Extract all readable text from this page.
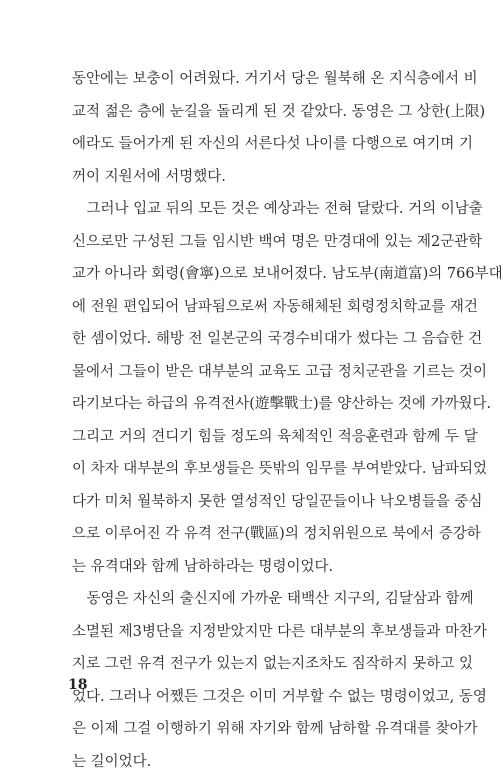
동안에는 보충이 어려웠다. 거기서 당은 월북해 온 지식층에서 비
교적 젊은 층에 눈길을 돌리게 된 것 같았다. 동영은 그 상한(上限)
에라도 들어가게 된 자신의 서른다섯 나이를 다행으로 여기며 기
꺼이 지원서에 서명했다.
　그러나 입교 뒤의 모든 것은 예상과는 전혀 달랐다. 거의 이남출
신으로만 구성된 그들 임시반 백여 명은 만경대에 있는 제2군관학
교가 아니라 회령(會寧)으로 보내어졌다. 남도부(南道富)의 766부대
에 전원 편입되어 남파됨으로써 자동해체된 회령정치학교를 재건
한 셈이었다. 해방 전 일본군의 국경수비대가 썼다는 그 음습한 건
물에서 그들이 받은 대부분의 교육도 고급 정치군관을 기르는 것이
라기보다는 하급의 유격전사(遊擊戰士)를 양산하는 것에 가까웠다.
그리고 거의 견디기 힘들 정도의 육체적인 적응훈련과 함께 두 달
이 차자 대부분의 후보생들은 뜻밖의 임무를 부여받았다. 남파되었
다가 미처 월북하지 못한 열성적인 당일꾼들이나 낙오병들을 중심
으로 이루어진 각 유격 전구(戰區)의 정치위원으로 북에서 증강하
는 유격대와 함께 남하하라는 명령이었다.
　동영은 자신의 출신지에 가까운 태백산 지구의, 김달삼과 함께
소멸된 제3병단을 지정받았지만 다른 대부분의 후보생들과 마찬가
지로 그런 유격 전구가 있는지 없는지조차도 짐작하지 못하고 있
었다. 그러나 어쨌든 그것은 이미 거부할 수 없는 명령이었고, 동영
은 이제 그걸 이행하기 위해 자기와 함께 남하할 유격대를 찾아가
는 길이었다.
18
